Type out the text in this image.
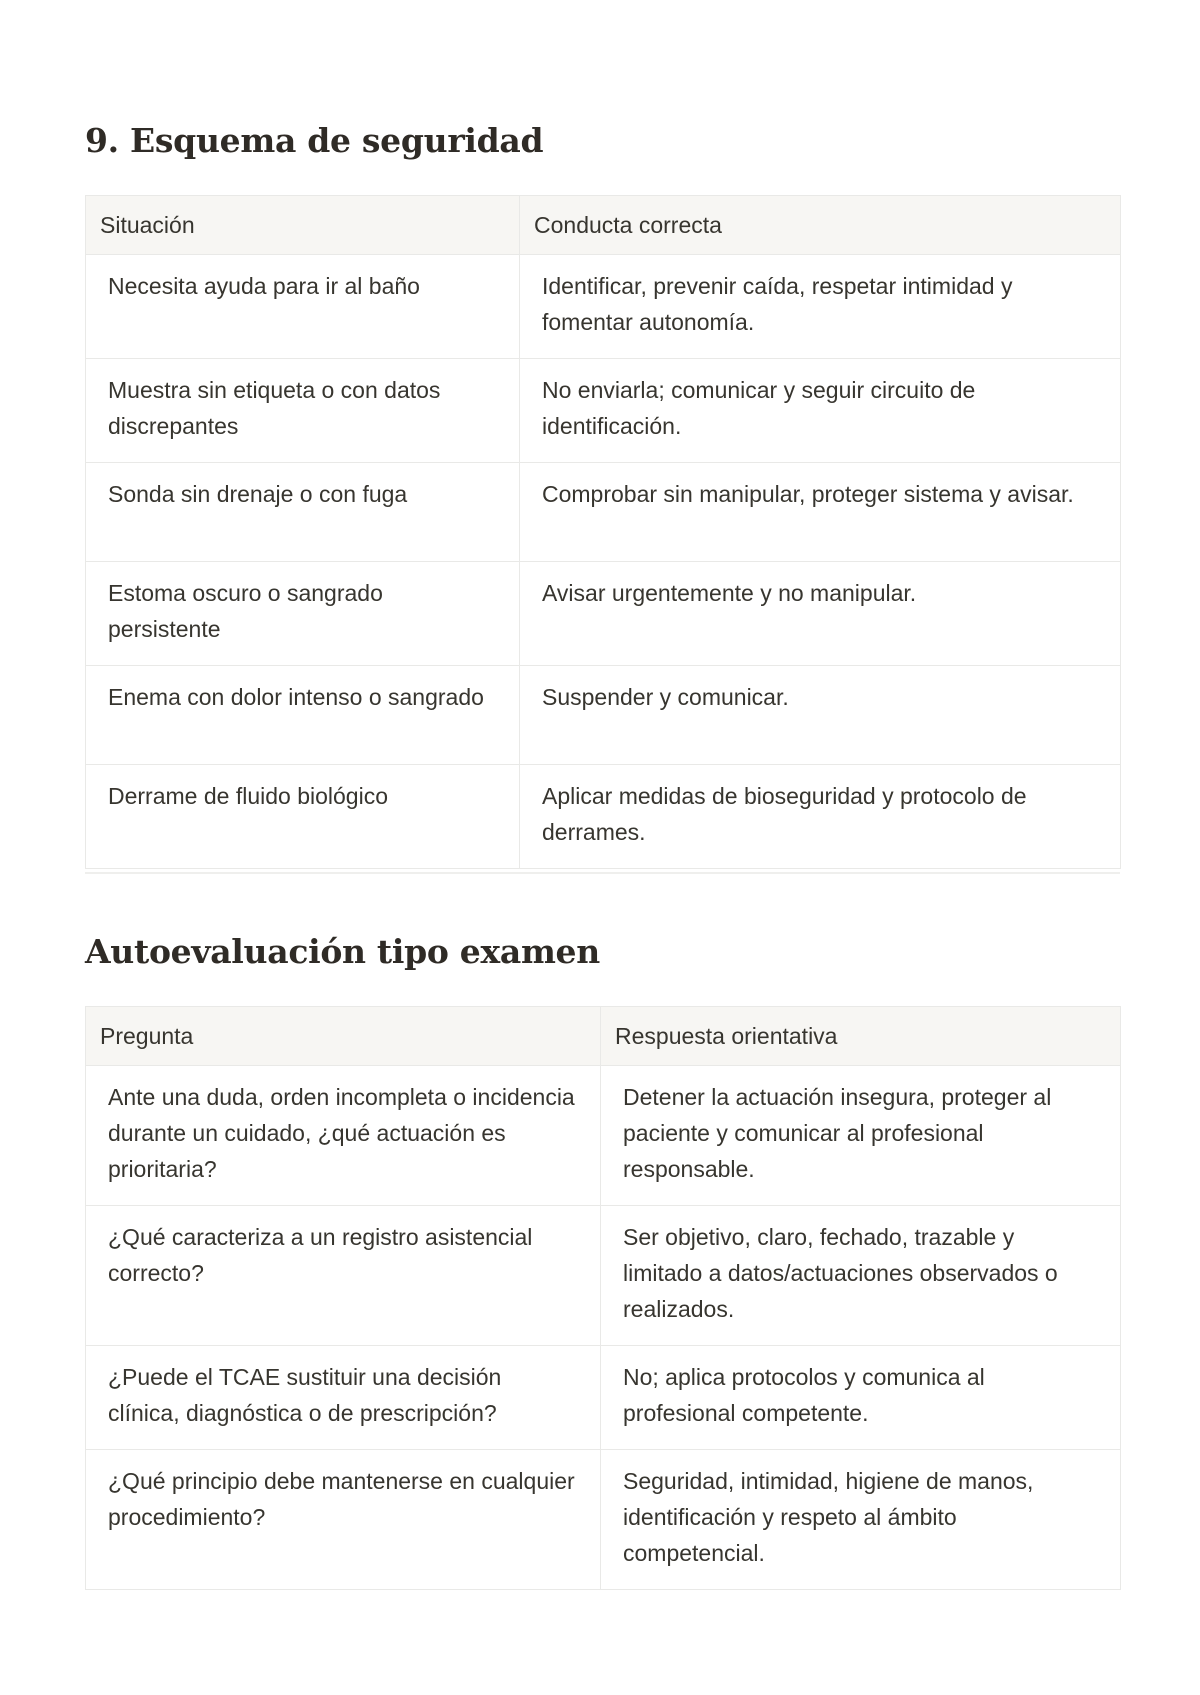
9. Esquema de seguridad
Situación	Conducta correcta
Necesita ayuda para ir al baño	Identificar, prevenir caída, respetar intimidad y fomentar autonomía.
Muestra sin etiqueta o con datos discrepantes	No enviarla; comunicar y seguir circuito de identificación.
Sonda sin drenaje o con fuga	Comprobar sin manipular, proteger sistema y avisar.
Estoma oscuro o sangrado persistente	Avisar urgentemente y no manipular.
Enema con dolor intenso o sangrado	Suspender y comunicar.
Derrame de fluido biológico	Aplicar medidas de bioseguridad y protocolo de derrames.
Autoevaluación tipo examen
Pregunta	Respuesta orientativa
Ante una duda, orden incompleta o incidencia durante un cuidado, ¿qué actuación es prioritaria?	Detener la actuación insegura, proteger al paciente y comunicar al profesional responsable.
¿Qué caracteriza a un registro asistencial correcto?	Ser objetivo, claro, fechado, trazable y limitado a datos/actuaciones observados o realizados.
¿Puede el TCAE sustituir una decisión clínica, diagnóstica o de prescripción?	No; aplica protocolos y comunica al profesional competente.
¿Qué principio debe mantenerse en cualquier procedimiento?	Seguridad, intimidad, higiene de manos, identificación y respeto al ámbito competencial.
